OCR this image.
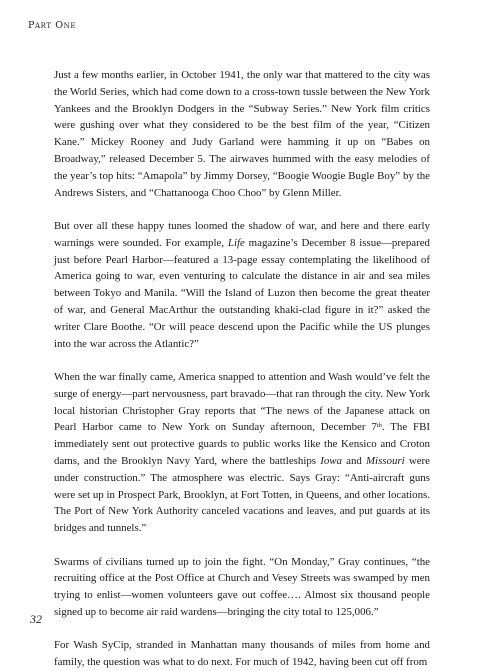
Part One

Just a few months earlier, in October 1941, the only war that mattered to the city was the World Series, which had come down to a cross-town tussle between the New York Yankees and the Brooklyn Dodgers in the “Subway Series.” New York film critics were gushing over what they considered to be the best film of the year, “Citizen Kane.” Mickey Rooney and Judy Garland were hamming it up on “Babes on Broadway,” released December 5. The airwaves hummed with the easy melodies of the year’s top hits: “Amapola” by Jimmy Dorsey, “Boogie Woogie Bugle Boy” by the Andrews Sisters, and “Chattanooga Choo Choo” by Glenn Miller.

But over all these happy tunes loomed the shadow of war, and here and there early warnings were sounded. For example, Life magazine’s December 8 issue—prepared just before Pearl Harbor—featured a 13-page essay contemplating the likelihood of America going to war, even venturing to calculate the distance in air and sea miles between Tokyo and Manila. “Will the Island of Luzon then become the great theater of war, and General MacArthur the outstanding khaki-clad figure in it?” asked the writer Clare Boothe. “Or will peace descend upon the Pacific while the US plunges into the war across the Atlantic?”

When the war finally came, America snapped to attention and Wash would’ve felt the surge of energy—part nervousness, part bravado—that ran through the city. New York local historian Christopher Gray reports that “The news of the Japanese attack on Pearl Harbor came to New York on Sunday afternoon, December 7th. The FBI immediately sent out protective guards to public works like the Kensico and Croton dams, and the Brooklyn Navy Yard, where the battleships Iowa and Missouri were under construction.” The atmosphere was electric. Says Gray: “Anti-aircraft guns were set up in Prospect Park, Brooklyn, at Fort Totten, in Queens, and other locations. The Port of New York Authority canceled vacations and leaves, and put guards at its bridges and tunnels.”

Swarms of civilians turned up to join the fight. “On Monday,” Gray continues, “the recruiting office at the Post Office at Church and Vesey Streets was swamped by men trying to enlist—women volunteers gave out coffee…. Almost six thousand people signed up to become air raid wardens—bringing the city total to 125,006.”

For Wash SyCip, stranded in Manhattan many thousands of miles from home and family, the question was what to do next. For much of 1942, having been cut off from

32
